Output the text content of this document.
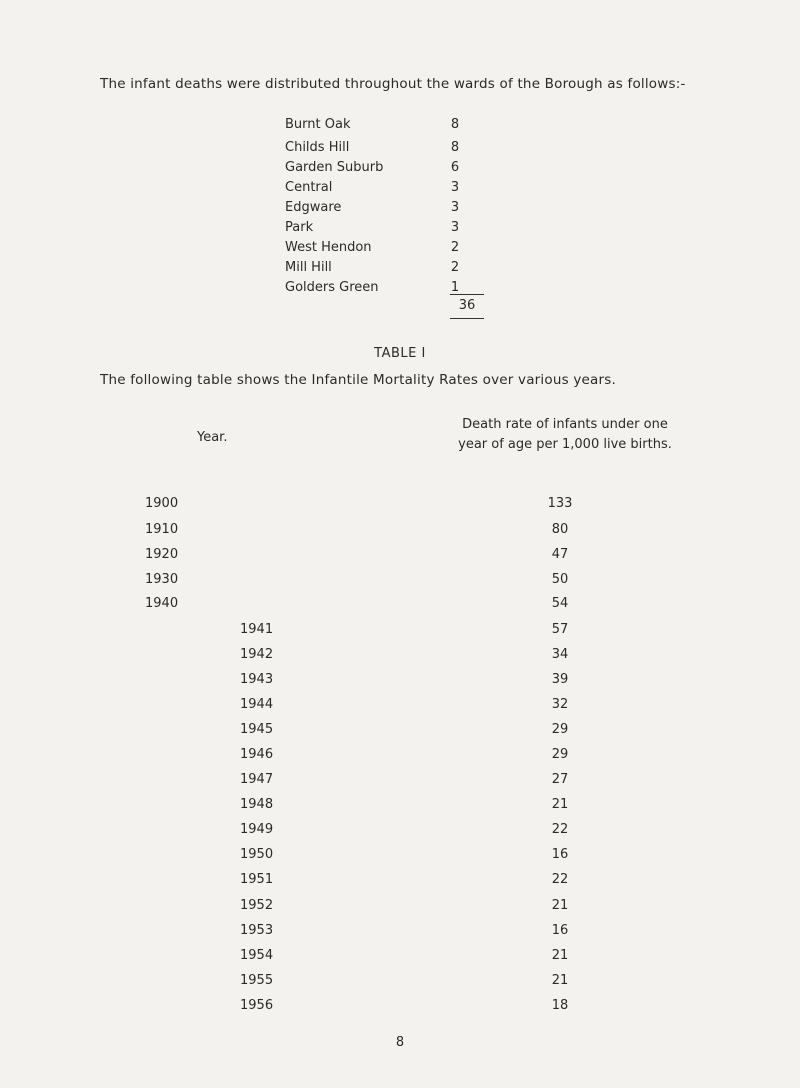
The infant deaths were distributed throughout the wards of the Borough as follows:-
Burnt Oak	8
Childs Hill	8
Garden Suburb	6
Central	3
Edgware	3
Park	3
West Hendon	2
Mill Hill	2
Golders Green	1
36
TABLE I
The following table shows the Infantile Mortality Rates over various years.
Year.
Death rate of infants under one year of age per 1,000 live births.
1900	133
1910	80
1920	47
1930	50
1940	54
1941	57
1942	34
1943	39
1944	32
1945	29
1946	29
1947	27
1948	21
1949	22
1950	16
1951	22
1952	21
1953	16
1954	21
1955	21
1956	18
8
